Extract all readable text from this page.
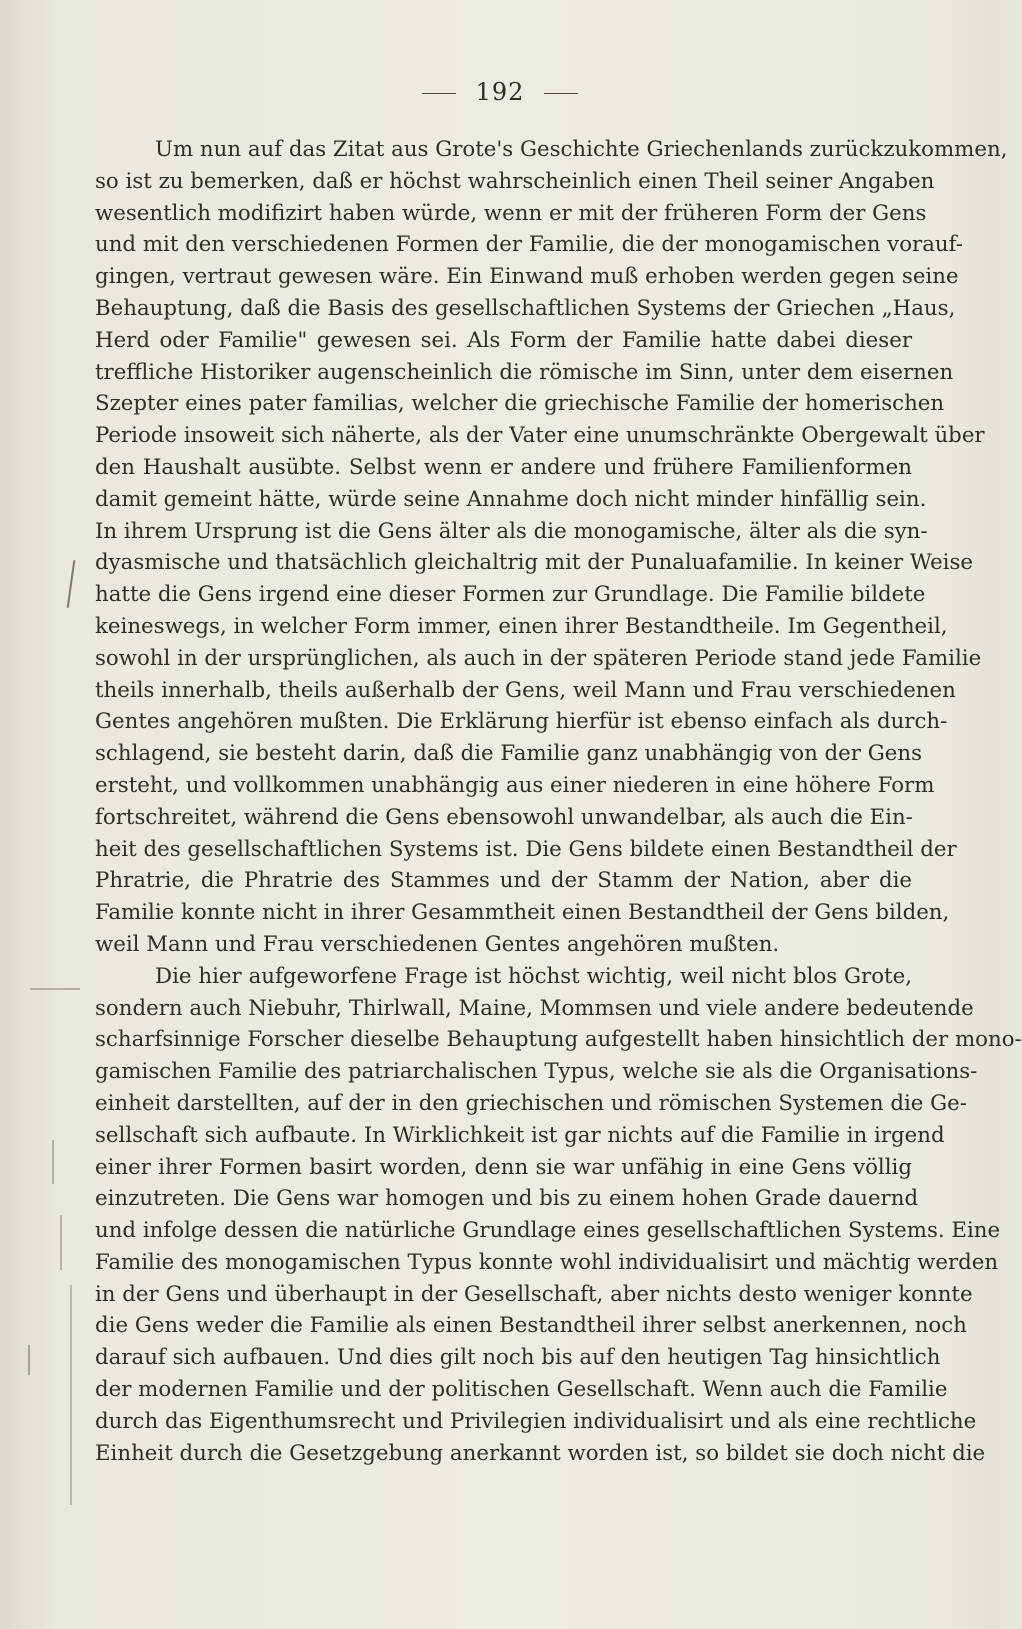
192
Um nun auf das Zitat aus Grote's Geschichte Griechenlands zurückzukommen,
so ist zu bemerken, daß er höchst wahrscheinlich einen Theil seiner Angaben
wesentlich modifizirt haben würde, wenn er mit der früheren Form der Gens
und mit den verschiedenen Formen der Familie, die der monogamischen vorauf-
gingen, vertraut gewesen wäre. Ein Einwand muß erhoben werden gegen seine
Behauptung, daß die Basis des gesellschaftlichen Systems der Griechen „Haus,
Herd oder Familie" gewesen sei. Als Form der Familie hatte dabei dieser
treffliche Historiker augenscheinlich die römische im Sinn, unter dem eisernen
Szepter eines pater familias, welcher die griechische Familie der homerischen
Periode insoweit sich näherte, als der Vater eine unumschränkte Obergewalt über
den Haushalt ausübte. Selbst wenn er andere und frühere Familienformen
damit gemeint hätte, würde seine Annahme doch nicht minder hinfällig sein.
In ihrem Ursprung ist die Gens älter als die monogamische, älter als die syn-
dyasmische und thatsächlich gleichaltrig mit der Punaluafamilie. In keiner Weise
hatte die Gens irgend eine dieser Formen zur Grundlage. Die Familie bildete
keineswegs, in welcher Form immer, einen ihrer Bestandtheile. Im Gegentheil,
sowohl in der ursprünglichen, als auch in der späteren Periode stand jede Familie
theils innerhalb, theils außerhalb der Gens, weil Mann und Frau verschiedenen
Gentes angehören mußten. Die Erklärung hierfür ist ebenso einfach als durch-
schlagend, sie besteht darin, daß die Familie ganz unabhängig von der Gens
ersteht, und vollkommen unabhängig aus einer niederen in eine höhere Form
fortschreitet, während die Gens ebensowohl unwandelbar, als auch die Ein-
heit des gesellschaftlichen Systems ist. Die Gens bildete einen Bestandtheil der
Phratrie, die Phratrie des Stammes und der Stamm der Nation, aber die
Familie konnte nicht in ihrer Gesammtheit einen Bestandtheil der Gens bilden,
weil Mann und Frau verschiedenen Gentes angehören mußten.
Die hier aufgeworfene Frage ist höchst wichtig, weil nicht blos Grote,
sondern auch Niebuhr, Thirlwall, Maine, Mommsen und viele andere bedeutende
scharfsinnige Forscher dieselbe Behauptung aufgestellt haben hinsichtlich der mono-
gamischen Familie des patriarchalischen Typus, welche sie als die Organisations-
einheit darstellten, auf der in den griechischen und römischen Systemen die Ge-
sellschaft sich aufbaute. In Wirklichkeit ist gar nichts auf die Familie in irgend
einer ihrer Formen basirt worden, denn sie war unfähig in eine Gens völlig
einzutreten. Die Gens war homogen und bis zu einem hohen Grade dauernd
und infolge dessen die natürliche Grundlage eines gesellschaftlichen Systems. Eine
Familie des monogamischen Typus konnte wohl individualisirt und mächtig werden
in der Gens und überhaupt in der Gesellschaft, aber nichts desto weniger konnte
die Gens weder die Familie als einen Bestandtheil ihrer selbst anerkennen, noch
darauf sich aufbauen. Und dies gilt noch bis auf den heutigen Tag hinsichtlich
der modernen Familie und der politischen Gesellschaft. Wenn auch die Familie
durch das Eigenthumsrecht und Privilegien individualisirt und als eine rechtliche
Einheit durch die Gesetzgebung anerkannt worden ist, so bildet sie doch nicht die
